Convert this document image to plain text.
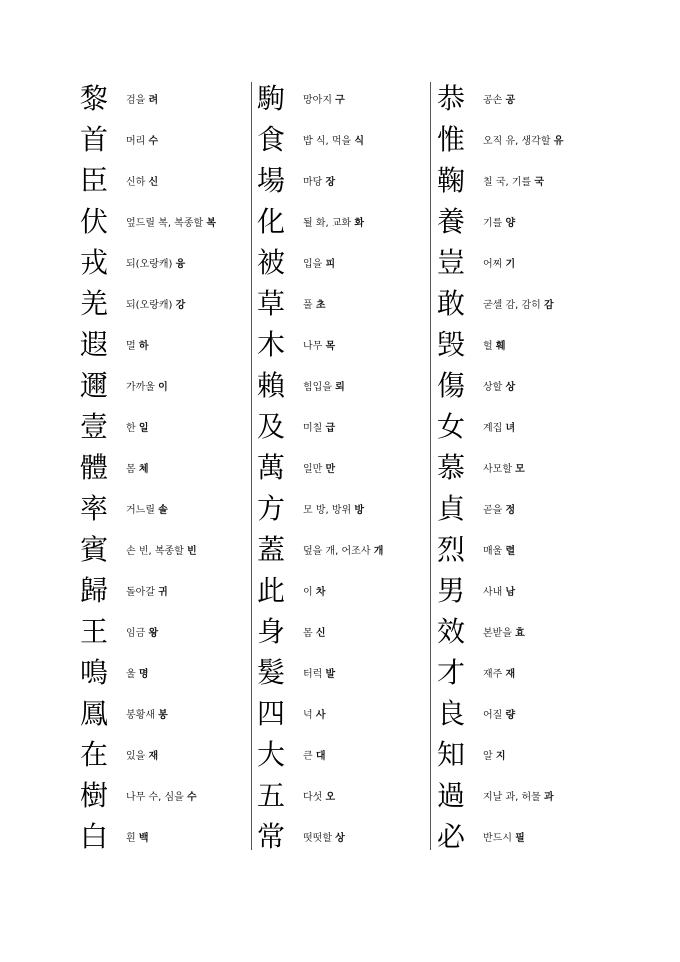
黎	검을 려
首	머리 수
臣	신하 신
伏	엎드릴 복, 복종할 복
戎	되(오랑캐) 융
羌	되(오랑캐) 강
遐	멀 하
邇	가까울 이
壹	한 일
體	몸 체
率	거느릴 솔
賓	손 빈, 복종할 빈
歸	돌아갈 귀
王	임금 왕
鳴	울 명
鳳	봉황새 봉
在	있을 재
樹	나무 수, 심을 수
白	흰 백
駒	망아지 구
食	밥 식, 먹을 식
場	마당 장
化	될 화, 교화 화
被	입을 피
草	풀 초
木	나무 목
賴	힘입을 뢰
及	미칠 급
萬	일만 만
方	모 방, 방위 방
蓋	덮을 개, 어조사 개
此	이 차
身	몸 신
髮	터럭 발
四	넉 사
大	큰 대
五	다섯 오
常	떳떳할 상
恭	공손 공
惟	오직 유, 생각할 유
鞠	칠 국, 기를 국
養	기를 양
豈	어찌 기
敢	굳셀 감, 감히 감
毁	헐 훼
傷	상할 상
女	계집 녀
慕	사모할 모
貞	곧을 정
烈	매울 렬
男	사내 남
效	본받을 효
才	재주 재
良	어질 량
知	알 지
過	지날 과, 허물 과
必	반드시 필
